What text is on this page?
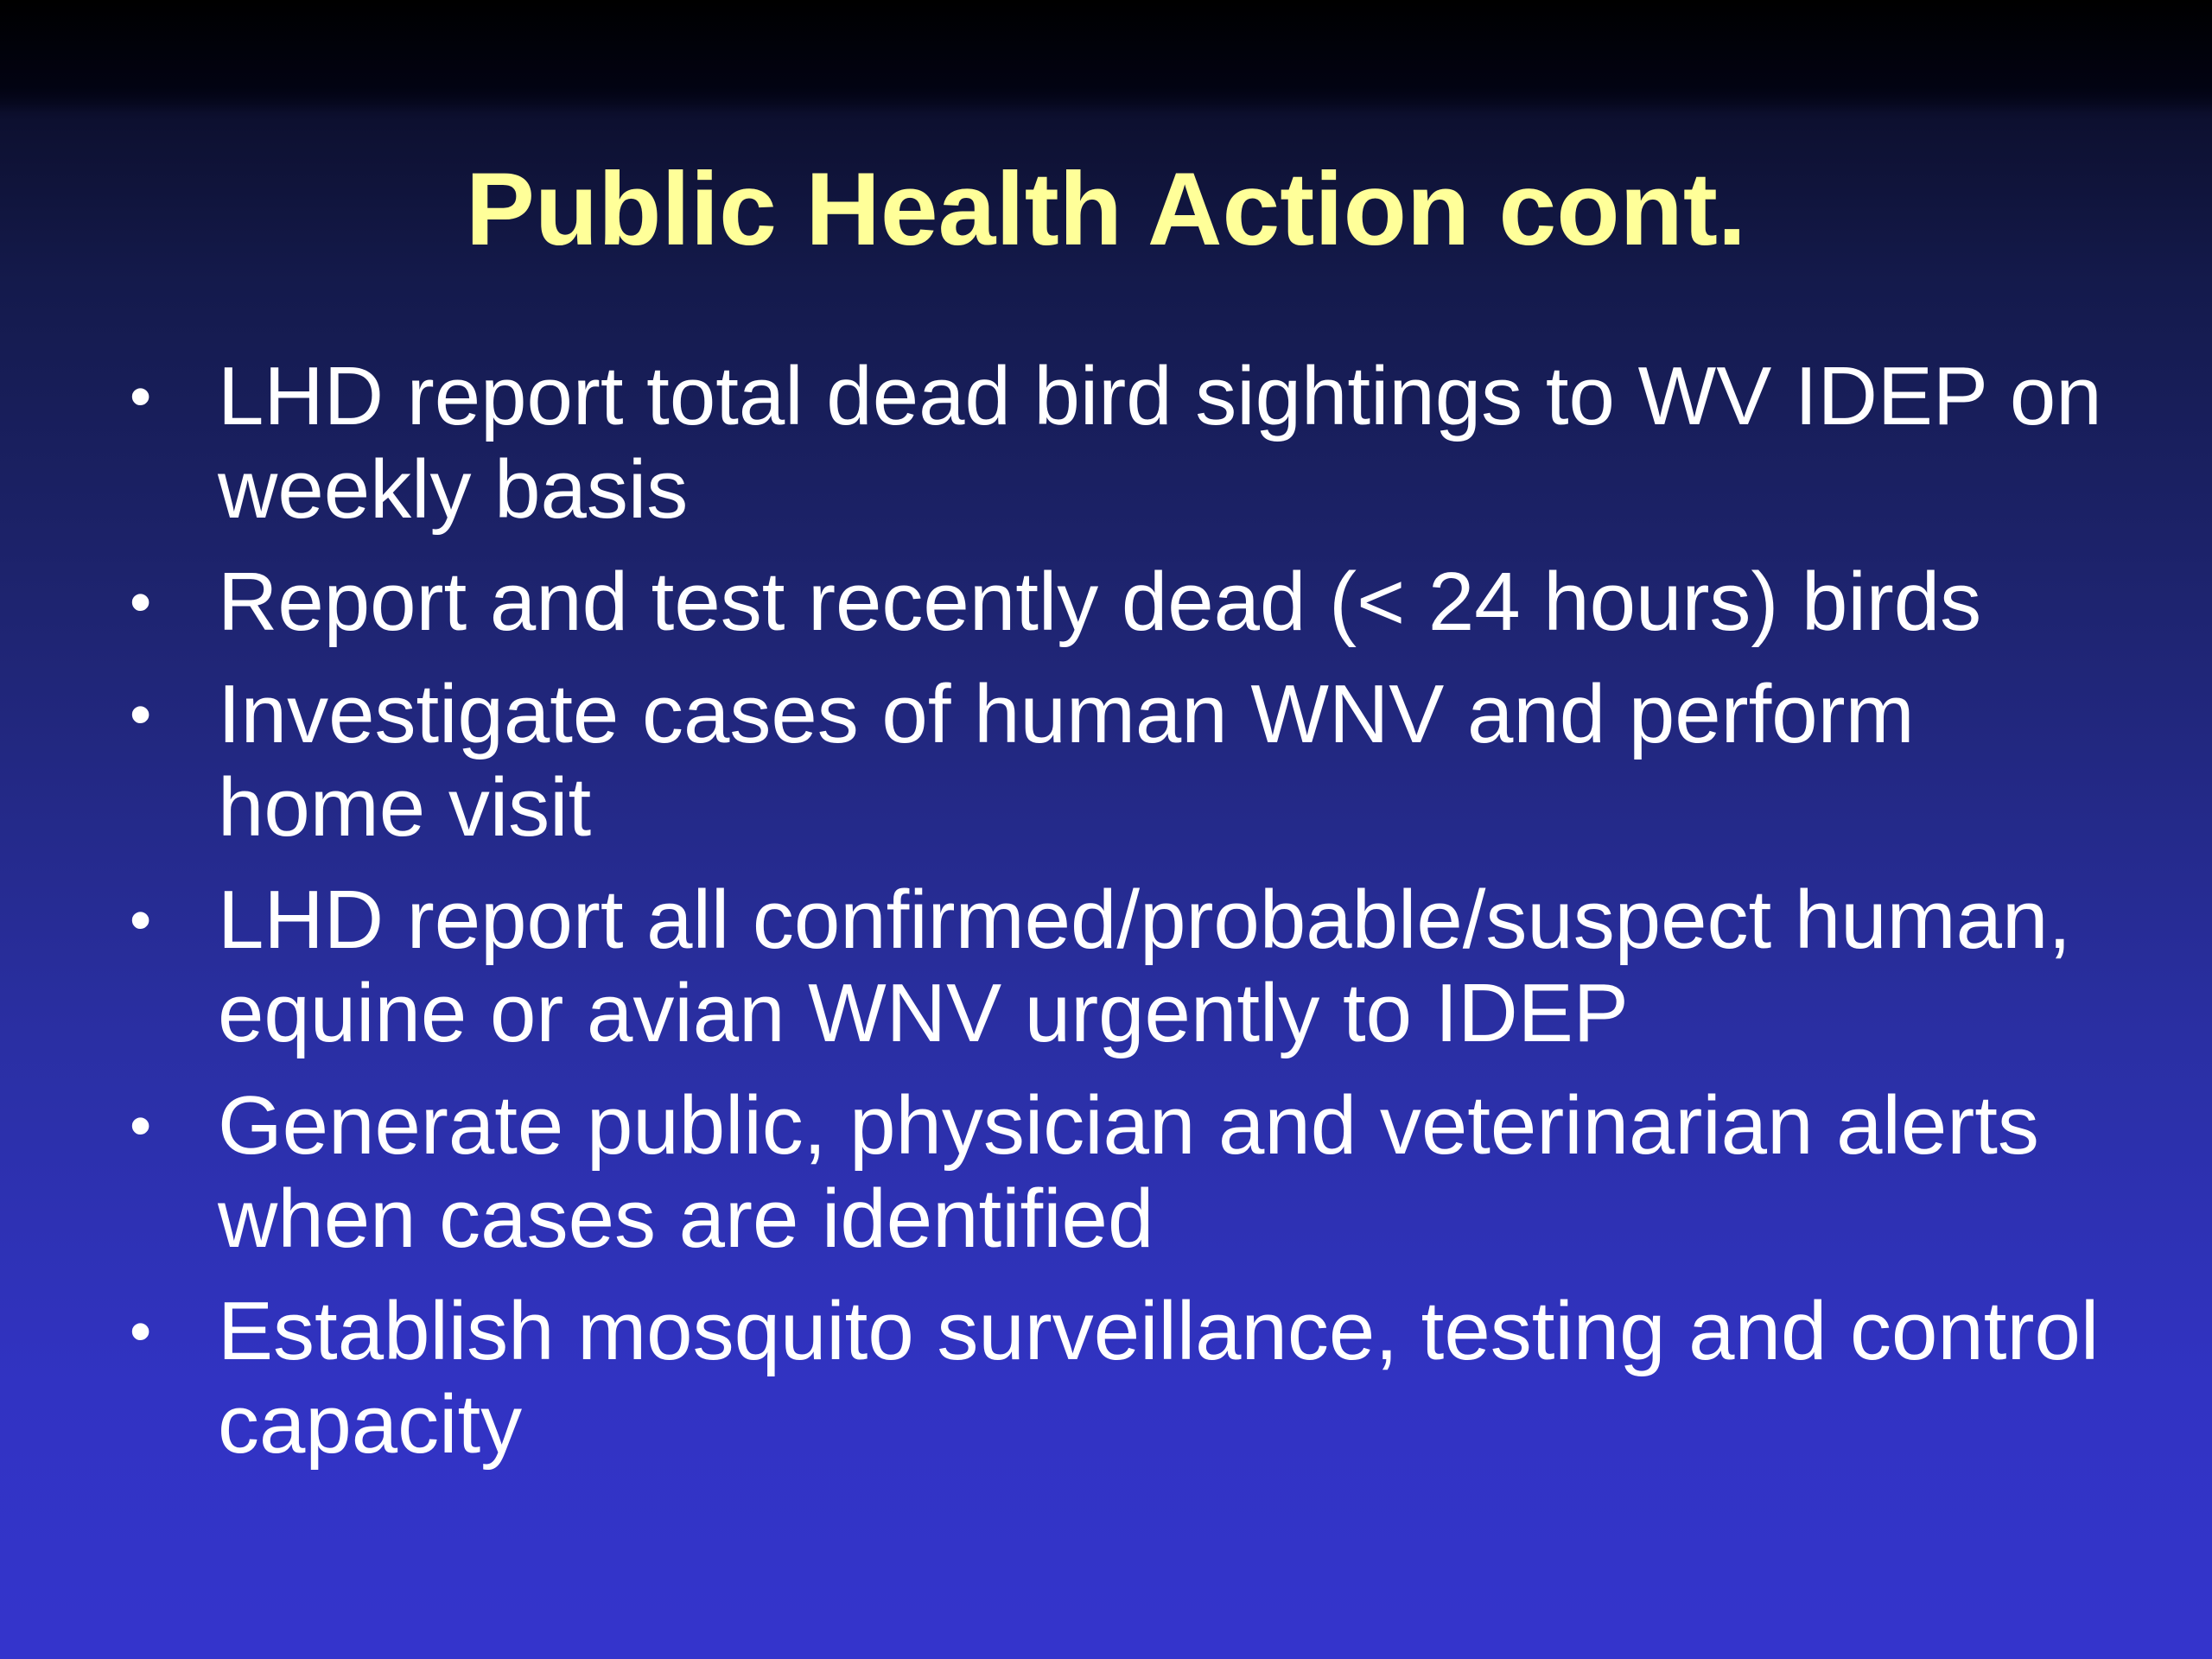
Public Health Action cont.
• LHD report total dead bird sightings to WV IDEP on weekly basis
• Report and test recently dead (< 24 hours) birds
• Investigate cases of human WNV and perform home visit
• LHD report all confirmed/probable/suspect human, equine or avian WNV urgently to IDEP
• Generate public, physician and veterinarian alerts when cases are identified
• Establish mosquito surveillance, testing and control capacity
